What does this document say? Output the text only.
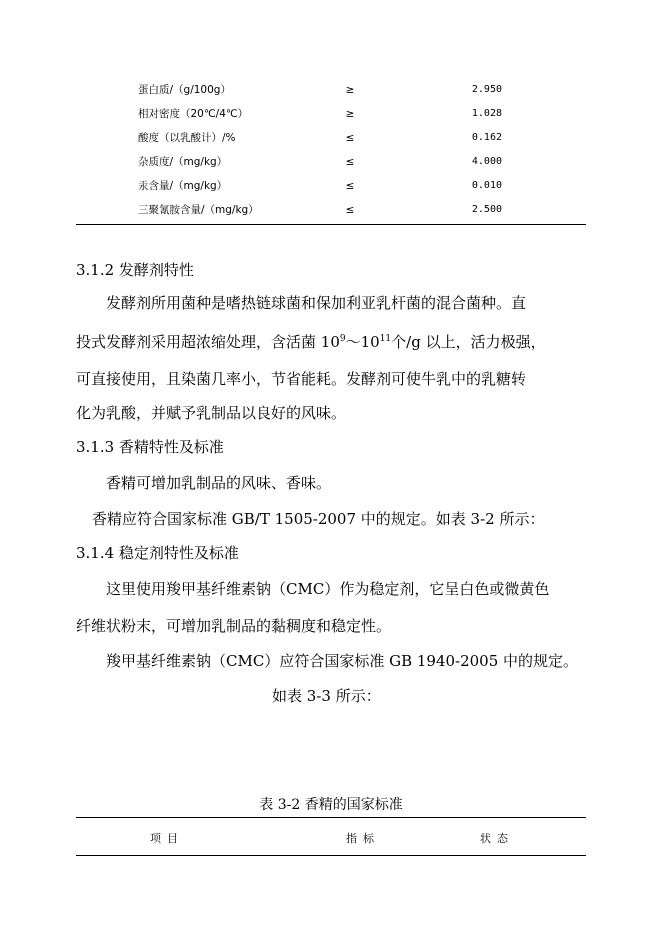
蛋白质/（g/100g）	≥	2.950
相对密度（20℃/4℃）	≥	1.028
酸度（以乳酸计）/%	≤	0.162
杂质度/（mg/kg）	≤	4.000
汞含量/（mg/kg）	≤	0.010
三聚氰胺含量/（mg/kg）	≤	2.500
3.1.2 发酵剂特性
发酵剂所用菌种是嗜热链球菌和保加利亚乳杆菌的混合菌种。直
投式发酵剂采用超浓缩处理，含活菌 $10^9\sim 10^{11}$个/g 以上，活力极强，
可直接使用，且染菌几率小，节省能耗。发酵剂可使牛乳中的乳糖转
化为乳酸，并赋予乳制品以良好的风味。
3.1.3 香精特性及标准
香精可增加乳制品的风味、香味。
香精应符合国家标准 GB/T 1505-2007 中的规定。如表 3-2 所示：
3.1.4 稳定剂特性及标准
这里使用羧甲基纤维素钠（CMC）作为稳定剂，它呈白色或微黄色
纤维状粉末，可增加乳制品的黏稠度和稳定性。
羧甲基纤维素钠（CMC）应符合国家标准 GB 1940-2005 中的规定。
如表 3-3 所示：
表 3-2 香精的国家标准
项目	指标	状态
